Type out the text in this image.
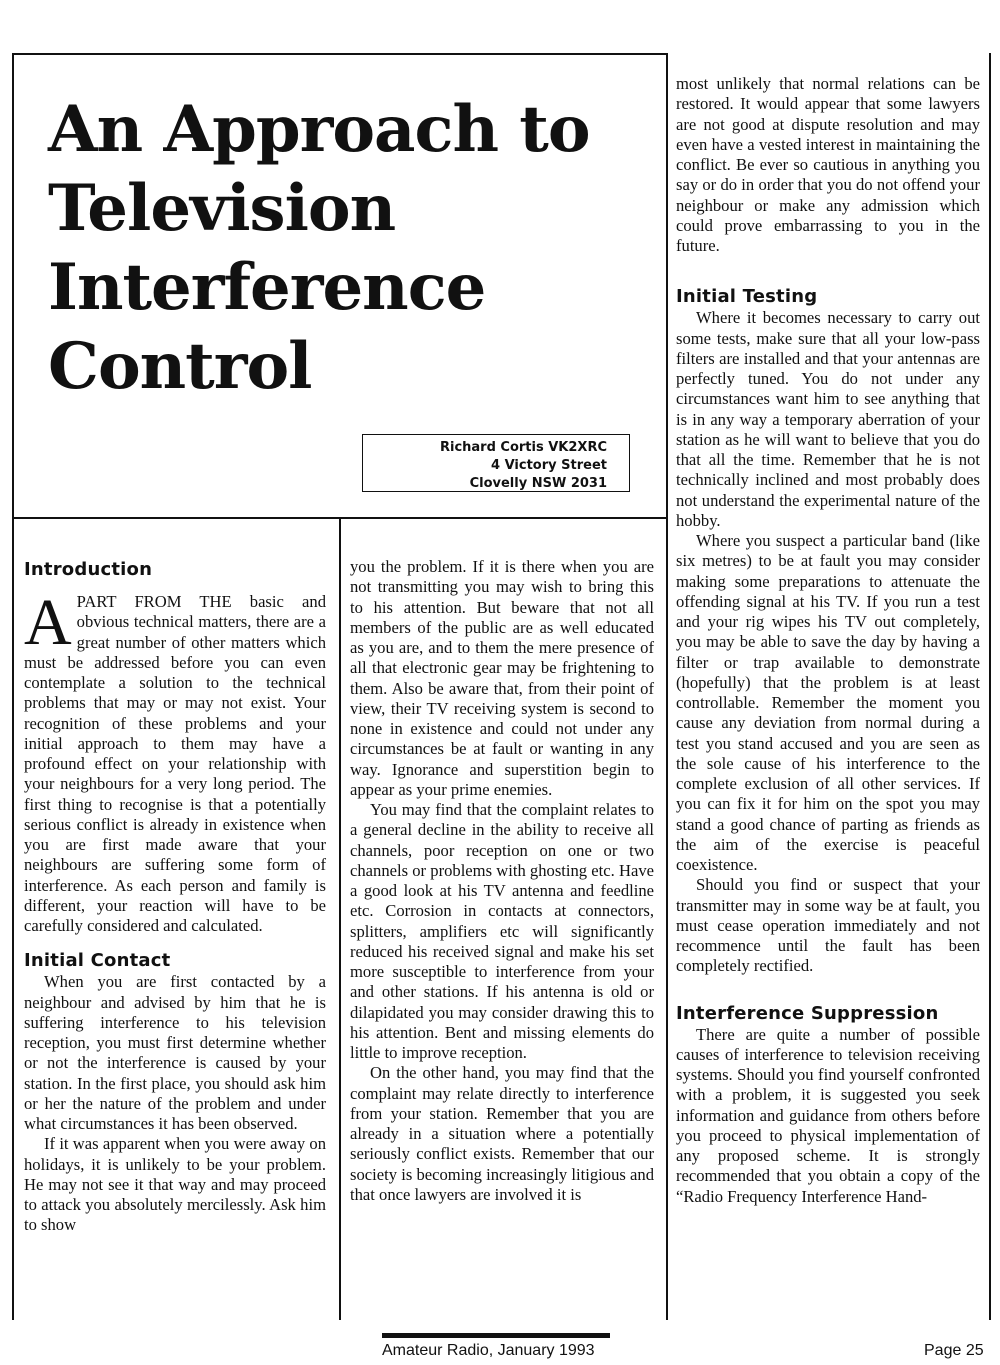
An Approach to
Television
Interference
Control
Richard Cortis VK2XRC
4 Victory Street
Clovelly NSW 2031
Introduction

APART FROM THE basic and obvious technical matters, there are a great number of other matters which must be addressed before you can even contemplate a solution to the technical problems that may or may not exist. Your recognition of these problems and your initial approach to them may have a profound effect on your relationship with your neighbours for a very long period. The first thing to recognise is that a potentially serious conflict is already in existence when you are first made aware that your neighbours are suffering some form of interference. As each person and family is different, your reaction will have to be carefully considered and calculated.

Initial Contact

When you are first contacted by a neighbour and advised by him that he is suffering interference to his television reception, you must first determine whether or not the interference is caused by your station. In the first place, you should ask him or her the nature of the problem and under what circumstances it has been observed.

If it was apparent when you were away on holidays, it is unlikely to be your problem. He may not see it that way and may proceed to attack you absolutely mercilessly. Ask him to show

you the problem. If it is there when you are not transmitting you may wish to bring this to his attention. But beware that not all members of the public are as well educated as you are, and to them the mere presence of all that electronic gear may be frightening to them. Also be aware that, from their point of view, their TV receiving system is second to none in existence and could not under any circumstances be at fault or wanting in any way. Ignorance and superstition begin to appear as your prime enemies.

You may find that the complaint relates to a general decline in the ability to receive all channels, poor reception on one or two channels or problems with ghosting etc. Have a good look at his TV antenna and feedline etc. Corrosion in contacts at connectors, splitters, amplifiers etc will significantly reduced his received signal and make his set more susceptible to interference from your and other stations. If his antenna is old or dilapidated you may consider drawing this to his attention. Bent and missing elements do little to improve reception.

On the other hand, you may find that the complaint may relate directly to interference from your station. Remember that you are already in a situation where a potentially seriously conflict exists. Remember that our society is becoming increasingly litigious and that once lawyers are involved it is

most unlikely that normal relations can be restored. It would appear that some lawyers are not good at dispute resolution and may even have a vested interest in maintaining the conflict. Be ever so cautious in anything you say or do in order that you do not offend your neighbour or make any admission which could prove embarrassing to you in the future.

Initial Testing

Where it becomes necessary to carry out some tests, make sure that all your low-pass filters are installed and that your antennas are perfectly tuned. You do not under any circumstances want him to see anything that is in any way a temporary aberration of your station as he will want to believe that you do that all the time. Remember that he is not technically inclined and most probably does not understand the experimental nature of the hobby.

Where you suspect a particular band (like six metres) to be at fault you may consider making some preparations to attenuate the offending signal at his TV. If you run a test and your rig wipes his TV out completely, you may be able to save the day by having a filter or trap available to demonstrate (hopefully) that the problem is at least controllable. Remember the moment you cause any deviation from normal during a test you stand accused and you are seen as the sole cause of his interference to the complete exclusion of all other services. If you can fix it for him on the spot you may stand a good chance of parting as friends as the aim of the exercise is peaceful coexistence.

Should you find or suspect that your transmitter may in some way be at fault, you must cease operation immediately and not recommence until the fault has been completely rectified.

Interference Suppression

There are quite a number of possible causes of interference to television receiving systems. Should you find yourself confronted with a problem, it is suggested you seek information and guidance from others before you proceed to physical implementation of any proposed scheme. It is strongly recommended that you obtain a copy of the “Radio Frequency Interference Hand-

Amateur Radio, January 1993	Page 25
